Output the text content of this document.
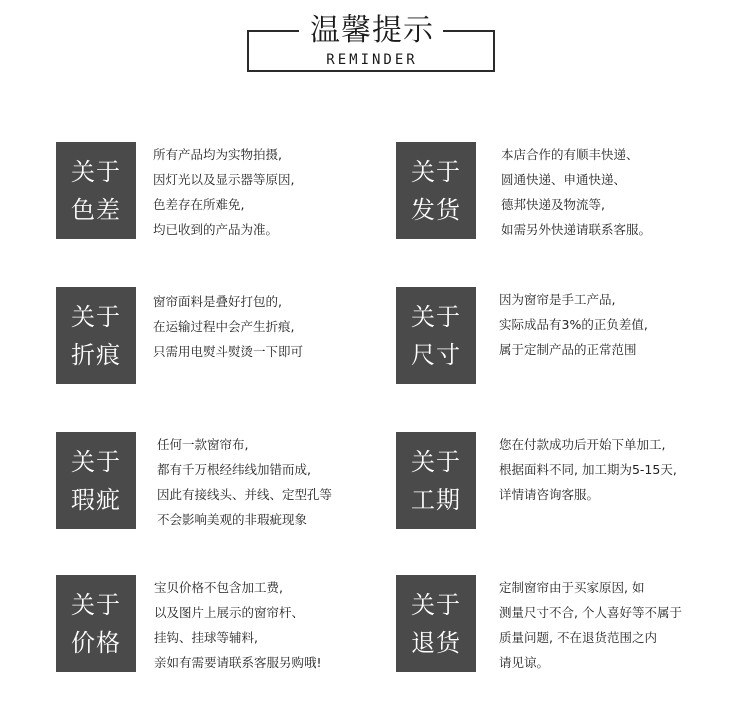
温馨提示
REMINDER
关于
色差
所有产品均为实物拍摄,
因灯光以及显示器等原因,
色差存在所难免,
均已收到的产品为准。
关于
发货
本店合作的有顺丰快递、
圆通快递、申通快递、
德邦快递及物流等,
如需另外快递请联系客服。
关于
折痕
窗帘面料是叠好打包的,
在运输过程中会产生折痕,
只需用电熨斗熨烫一下即可
关于
尺寸
因为窗帘是手工产品,
实际成品有3%的正负差值,
属于定制产品的正常范围
关于
瑕疵
任何一款窗帘布,
都有千万根经纬线加错而成,
因此有接线头、并线、定型孔等
不会影响美观的非瑕疵现象
关于
工期
您在付款成功后开始下单加工,
根据面料不同, 加工期为5-15天,
详情请咨询客服。
关于
价格
宝贝价格不包含加工费,
以及图片上展示的窗帘杆、
挂钩、挂球等辅料,
亲如有需要请联系客服另购哦!
关于
退货
定制窗帘由于买家原因, 如
测量尺寸不合, 个人喜好等不属于
质量问题, 不在退货范围之内
请见谅。
